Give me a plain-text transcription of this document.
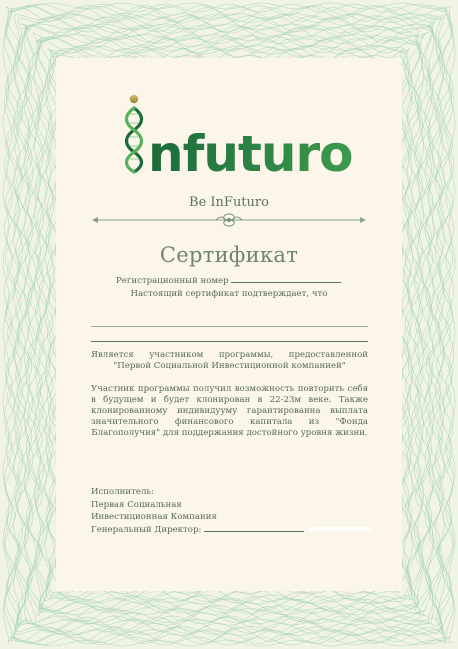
nfuturo
Be InFuturo
Сертификат
Регистрационный номер
Настоящий сертификат подтверждает, что

Является участником программы, предоставленной "Первой Социальной Инвестиционной компанией"

Участник программы получил возможность повторить себя в будущем и будет клонирован в 22-23м веке. Также клонированному индивидууму гарантированна выплата значительного финансового капитала из "Фонда Благополучия" для поддержания достойного уровня жизни.

Исполнитель:
Первая Социальная
Инвестиционная Компания
Генеральный Директор:
